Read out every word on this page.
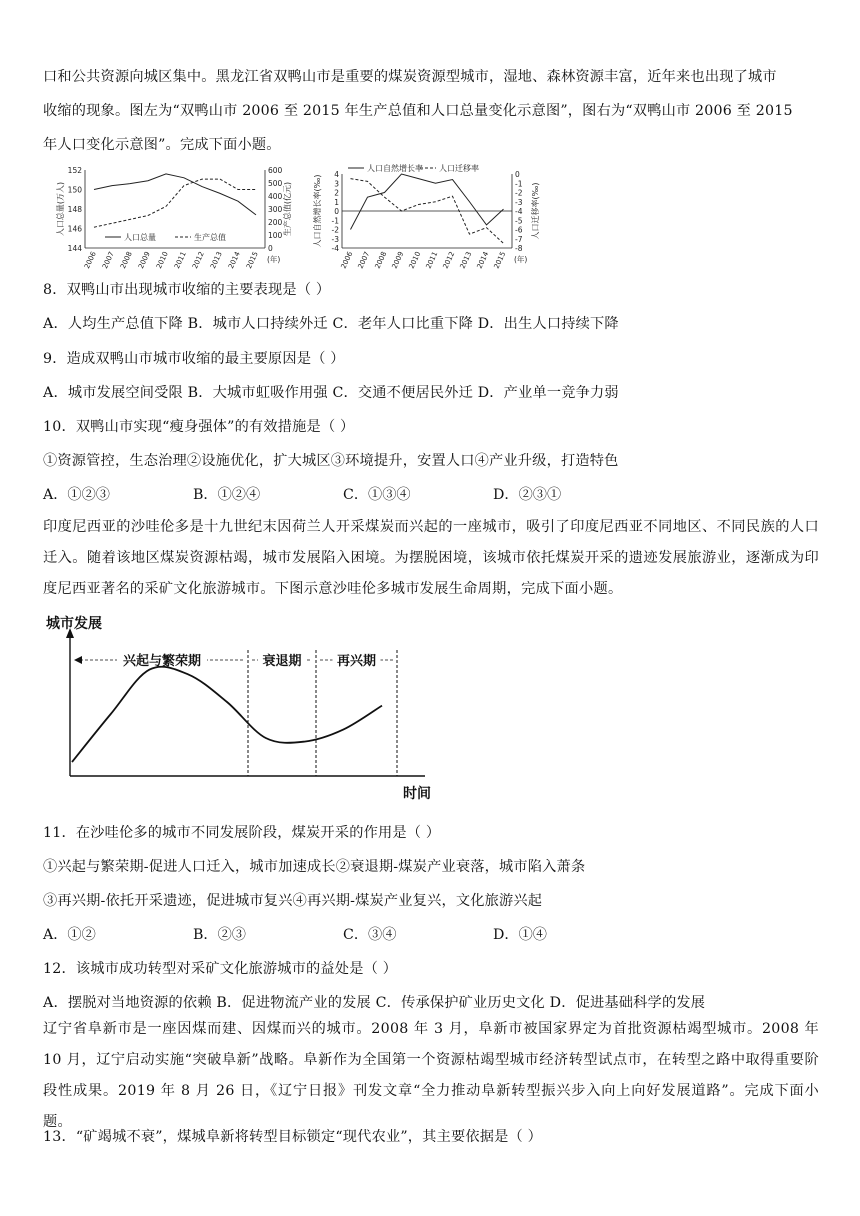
口和公共资源向城区集中。黑龙江省双鸭山市是重要的煤炭资源型城市，湿地、森林资源丰富，近年来也出现了城市
收缩的现象。图左为“双鸭山市 2006 至 2015 年生产总值和人口总量变化示意图”，图右为“双鸭山市 2006 至 2015
年人口变化示意图”。完成下面小题。
152
150
148
146
144
600
500
400
300
200
100
0
人口总量(万人)	生产总值(亿元)
2006 2007 2008 2009 2010 2011 2012 2013 2014 2015 (年)
人口总量	生产总值
4
3
2
1
0
-1
-2
-3
-4
0
-1
-2
-3
-4
-5
-6
-7
-8
人口自然增长率(‰)	人口迁移率(‰)
2006 2007 2008 2009 2010 2011 2012 2013 2014 2015 (年)
人口自然增长率 人口迁移率
8．双鸭山市出现城市收缩的主要表现是（ ）
A．人均生产总值下降 B．城市人口持续外迁 C．老年人口比重下降 D．出生人口持续下降
9．造成双鸭山市城市收缩的最主要原因是（ ）
A．城市发展空间受限 B．大城市虹吸作用强 C．交通不便居民外迁 D．产业单一竞争力弱
10．双鸭山市实现“瘦身强体”的有效措施是（ ）
①资源管控，生态治理②设施优化，扩大城区③环境提升，安置人口④产业升级，打造特色
A．①②③	B．①②④	C．①③④	D．②③①
印度尼西亚的沙哇伦多是十九世纪末因荷兰人开采煤炭而兴起的一座城市，吸引了印度尼西亚不同地区、不同民族的人口迁入。随着该地区煤炭资源枯竭，城市发展陷入困境。为摆脱困境，该城市依托煤炭开采的遗迹发展旅游业，逐渐成为印度尼西亚著名的采矿文化旅游城市。下图示意沙哇伦多城市发展生命周期，完成下面小题。
城市发展
时间
兴起与繁荣期	衰退期	再兴期
11．在沙哇伦多的城市不同发展阶段，煤炭开采的作用是（ ）
①兴起与繁荣期-促进人口迁入，城市加速成长②衰退期-煤炭产业衰落，城市陷入萧条
③再兴期-依托开采遗迹，促进城市复兴④再兴期-煤炭产业复兴，文化旅游兴起
A．①②	B．②③	C．③④	D．①④
12．该城市成功转型对采矿文化旅游城市的益处是（ ）
A．摆脱对当地资源的依赖 B．促进物流产业的发展 C．传承保护矿业历史文化 D．促进基础科学的发展
辽宁省阜新市是一座因煤而建、因煤而兴的城市。2008 年 3 月，阜新市被国家界定为首批资源枯竭型城市。2008 年 10 月，辽宁启动实施“突破阜新”战略。阜新作为全国第一个资源枯竭型城市经济转型试点市，在转型之路中取得重要阶段性成果。2019 年 8 月 26 日，《辽宁日报》刊发文章“全力推动阜新转型振兴步入向上向好发展道路”。完成下面小题。
13．“矿竭城不衰”，煤城阜新将转型目标锁定“现代农业”，其主要依据是（ ）
